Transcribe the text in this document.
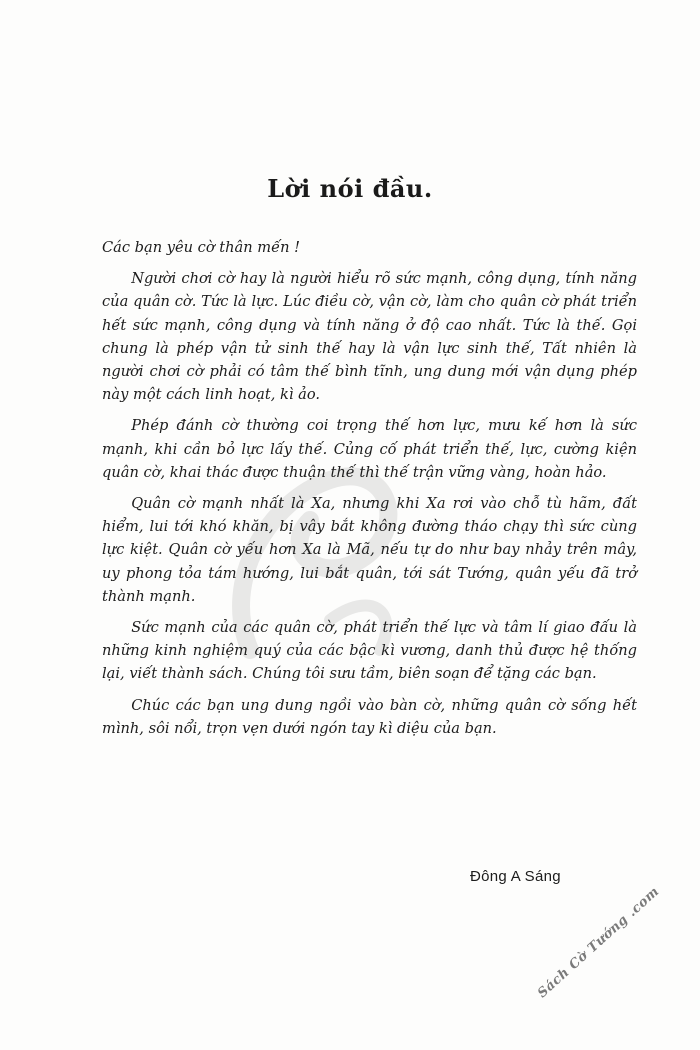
Lời nói đầu.

Các bạn yêu cờ thân mến !

Người chơi cờ hay là người hiểu rõ sức mạnh, công dụng, tính năng của quân cờ. Tức là lực. Lúc điều cờ, vận cờ, làm cho quân cờ phát triển hết sức mạnh, công dụng và tính năng ở độ cao nhất. Tức là thế. Gọi chung là phép vận tử sinh thế hay là vận lực sinh thế, Tất nhiên là người chơi cờ phải có tâm thế bình tĩnh, ung dung mới vận dụng phép này một cách linh hoạt, kì ảo.

Phép đánh cờ thường coi trọng thế hơn lực, mưu kế hơn là sức mạnh, khi cần bỏ lực lấy thế. Củng cố phát triển thế, lực, cường kiện quân cờ, khai thác được thuận thế thì thế trận vững vàng, hoàn hảo.

Quân cờ mạnh nhất là Xa, nhưng khi Xa rơi vào chỗ tù hãm, đất hiểm, lui tới khó khăn, bị vây bắt không đường tháo chạy thì sức cùng lực kiệt. Quân cờ yếu hơn Xa là Mã, nếu tự do như bay nhảy trên mây, uy phong tỏa tám hướng, lui bắt quân, tới sát Tướng, quân yếu đã trở thành mạnh.

Sức mạnh của các quân cờ, phát triển thế lực và tâm lí giao đấu là những kinh nghiệm quý của các bậc kì vương, danh thủ được hệ thống lại, viết thành sách. Chúng tôi sưu tầm, biên soạn để tặng các bạn.

Chúc các bạn ung dung ngồi vào bàn cờ, những quân cờ sống hết mình, sôi nổi, trọn vẹn dưới ngón tay kì diệu của bạn.

Đông A Sáng
Sách Cờ Tướng .com
